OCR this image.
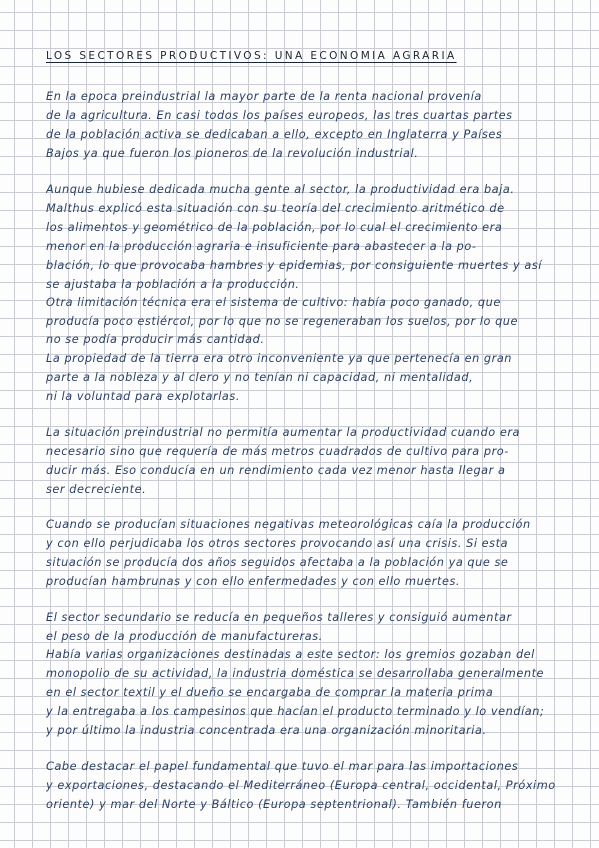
LOS SECTORES PRODUCTIVOS: UNA ECONOMIA AGRARIA
En la epoca preindustrial la mayor parte de la renta nacional provenía
de la agricultura. En casi todos los países europeos, las tres cuartas partes
de la población activa se dedicaban a ello, excepto en Inglaterra y Países
Bajos ya que fueron los pioneros de la revolución industrial.
Aunque hubiese dedicada mucha gente al sector, la productividad era baja.
Malthus explicó esta situación con su teoría del crecimiento aritmético de
los alimentos y geométrico de la población, por lo cual el crecimiento era
menor en la producción agraria e insuficiente para abastecer a la po-
blación, lo que provocaba hambres y epidemias, por consiguiente muertes y así
se ajustaba la población a la producción.
Otra limitación técnica era el sistema de cultivo: había poco ganado, que
producía poco estiércol, por lo que no se regeneraban los suelos, por lo que
no se podía producir más cantidad.
La propiedad de la tierra era otro inconveniente ya que pertenecía en gran
parte a la nobleza y al clero y no tenían ni capacidad, ni mentalidad,
ni la voluntad para explotarlas.
La situación preindustrial no permitía aumentar la productividad cuando era
necesario sino que requería de más metros cuadrados de cultivo para pro-
ducir más. Eso conducía en un rendimiento cada vez menor hasta llegar a
ser decreciente.
Cuando se producían situaciones negativas meteorológicas caía la producción
y con ello perjudicaba los otros sectores provocando así una crisis. Si esta
situación se producía dos años seguidos afectaba a la población ya que se
producían hambrunas y con ello enfermedades y con ello muertes.
El sector secundario se reducía en pequeños talleres y consiguió aumentar
el peso de la producción de manufactureras.
Había varias organizaciones destinadas a este sector: los gremios gozaban del
monopolio de su actividad, la industria doméstica se desarrollaba generalmente
en el sector textil y el dueño se encargaba de comprar la materia prima
y la entregaba a los campesinos que hacían el producto terminado y lo vendían;
y por último la industria concentrada era una organización minoritaria.
Cabe destacar el papel fundamental que tuvo el mar para las importaciones
y exportaciones, destacando el Mediterráneo (Europa central, occidental, Próximo
oriente) y mar del Norte y Báltico (Europa septentrional). También fueron
